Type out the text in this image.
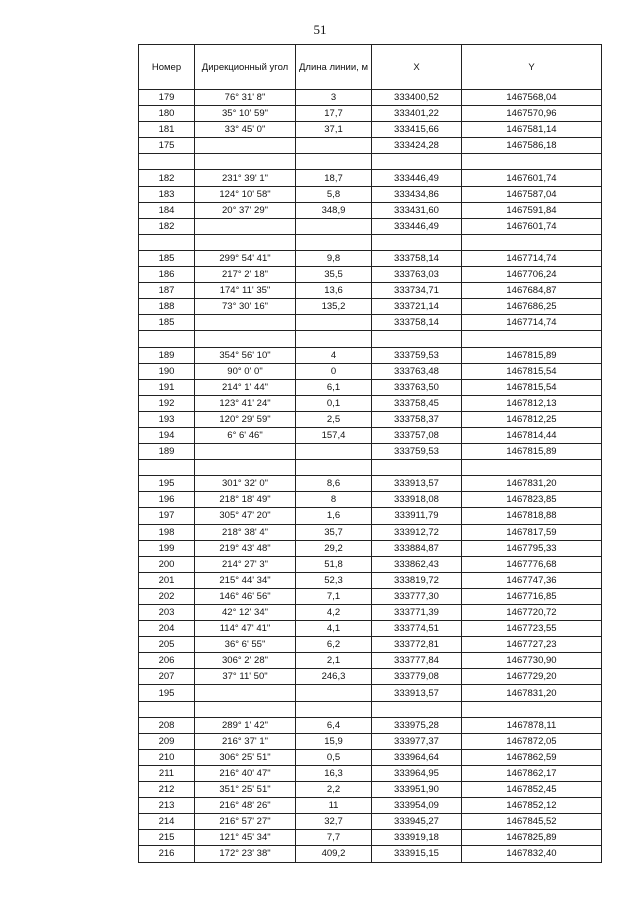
51
Номер	Дирекционный угол	Длина линии, м	X	Y
179	76° 31' 8"	3	333400,52	1467568,04
180	35° 10' 59"	17,7	333401,22	1467570,96
181	33° 45' 0"	37,1	333415,66	1467581,14
175			333424,28	1467586,18

182	231° 39' 1"	18,7	333446,49	1467601,74
183	124° 10' 58"	5,8	333434,86	1467587,04
184	20° 37' 29"	348,9	333431,60	1467591,84
182			333446,49	1467601,74

185	299° 54' 41"	9,8	333758,14	1467714,74
186	217° 2' 18"	35,5	333763,03	1467706,24
187	174° 11' 35"	13,6	333734,71	1467684,87
188	73° 30' 16"	135,2	333721,14	1467686,25
185			333758,14	1467714,74

189	354° 56' 10"	4	333759,53	1467815,89
190	90° 0' 0"	0	333763,48	1467815,54
191	214° 1' 44"	6,1	333763,50	1467815,54
192	123° 41' 24"	0,1	333758,45	1467812,13
193	120° 29' 59"	2,5	333758,37	1467812,25
194	6° 6' 46"	157,4	333757,08	1467814,44
189			333759,53	1467815,89

195	301° 32' 0"	8,6	333913,57	1467831,20
196	218° 18' 49"	8	333918,08	1467823,85
197	305° 47' 20"	1,6	333911,79	1467818,88
198	218° 38' 4"	35,7	333912,72	1467817,59
199	219° 43' 48"	29,2	333884,87	1467795,33
200	214° 27' 3"	51,8	333862,43	1467776,68
201	215° 44' 34"	52,3	333819,72	1467747,36
202	146° 46' 56"	7,1	333777,30	1467716,85
203	42° 12' 34"	4,2	333771,39	1467720,72
204	114° 47' 41"	4,1	333774,51	1467723,55
205	36° 6' 55"	6,2	333772,81	1467727,23
206	306° 2' 28"	2,1	333777,84	1467730,90
207	37° 11' 50"	246,3	333779,08	1467729,20
195			333913,57	1467831,20

208	289° 1' 42"	6,4	333975,28	1467878,11
209	216° 37' 1"	15,9	333977,37	1467872,05
210	306° 25' 51"	0,5	333964,64	1467862,59
211	216° 40' 47"	16,3	333964,95	1467862,17
212	351° 25' 51"	2,2	333951,90	1467852,45
213	216° 48' 26"	11	333954,09	1467852,12
214	216° 57' 27"	32,7	333945,27	1467845,52
215	121° 45' 34"	7,7	333919,18	1467825,89
216	172° 23' 38"	409,2	333915,15	1467832,40
